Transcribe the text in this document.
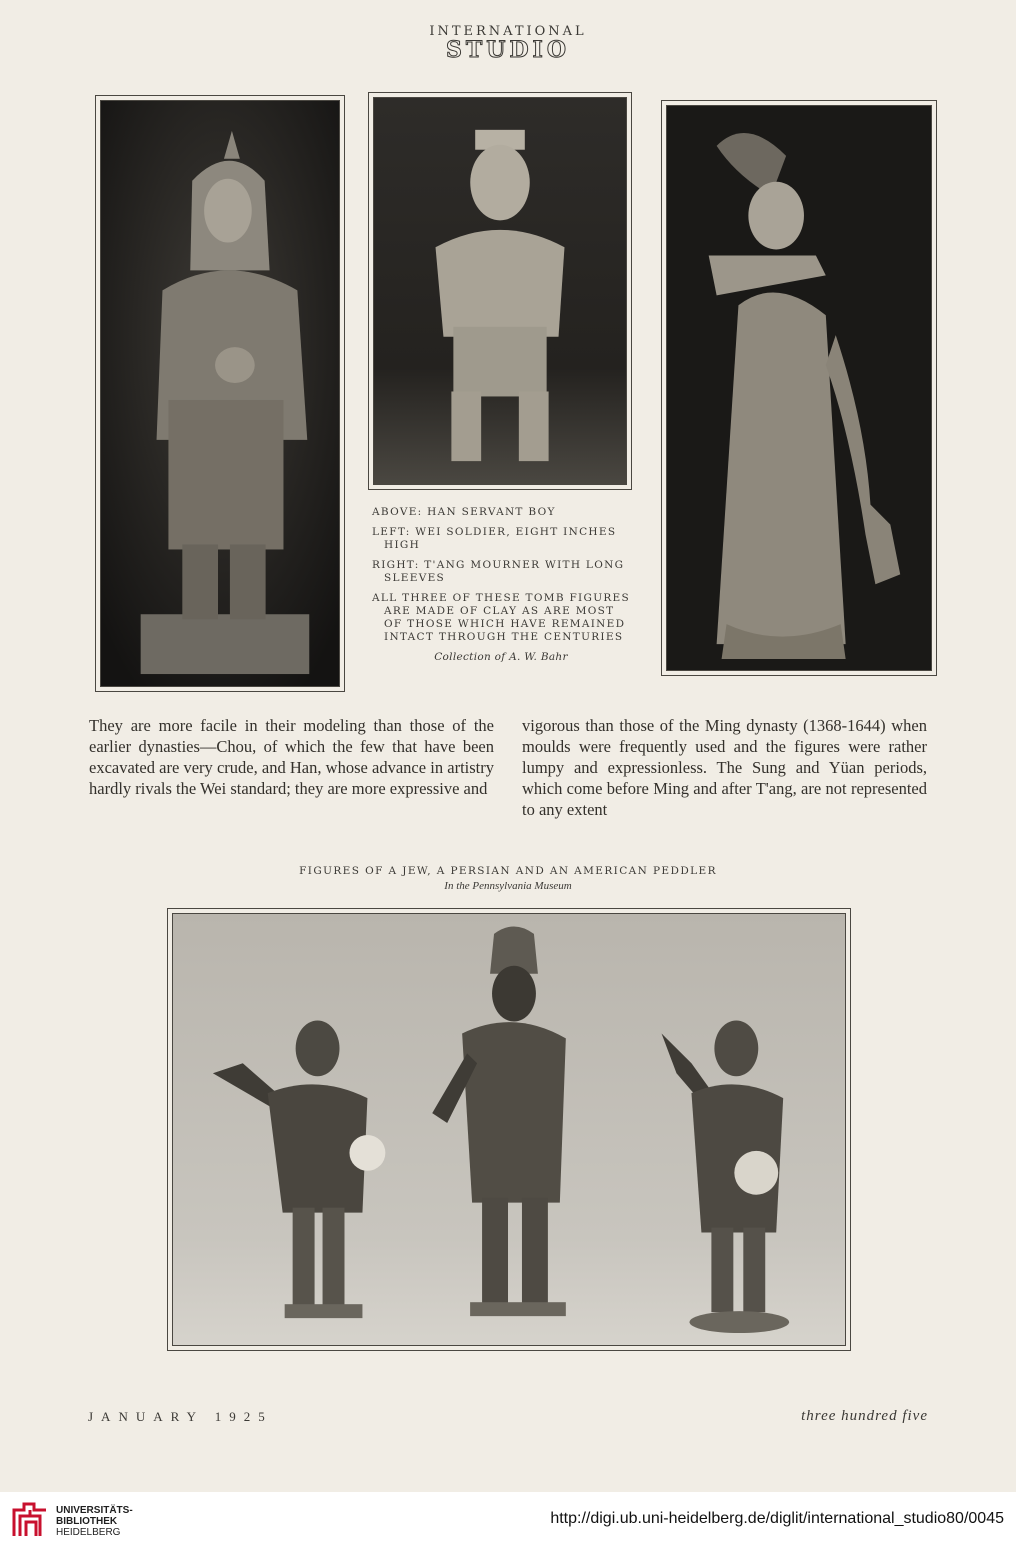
INTERNATIONAL
STUDIO

ABOVE: HAN SERVANT BOY

LEFT: WEI SOLDIER, EIGHT INCHES HIGH

RIGHT: T'ANG MOURNER WITH LONG SLEEVES

ALL THREE OF THESE TOMB FIGURES ARE MADE OF CLAY AS ARE MOST OF THOSE WHICH HAVE REMAINED INTACT THROUGH THE CENTURIES

Collection of A. W. Bahr

They are more facile in their modeling than those of the earlier dynasties—Chou, of which the few that have been excavated are very crude, and Han, whose advance in artistry hardly rivals the Wei standard; they are more expressive and

vigorous than those of the Ming dynasty (1368-1644) when moulds were frequently used and the figures were rather lumpy and expressionless. The Sung and Yüan periods, which come before Ming and after T'ang, are not represented to any extent

FIGURES OF A JEW, A PERSIAN AND AN AMERICAN PEDDLER
In the Pennsylvania Museum
JANUARY 1925	three hundred five
UNIVERSITÄTS-
BIBLIOTHEK
HEIDELBERG
http://digi.ub.uni-heidelberg.de/diglit/international_studio80/0045
